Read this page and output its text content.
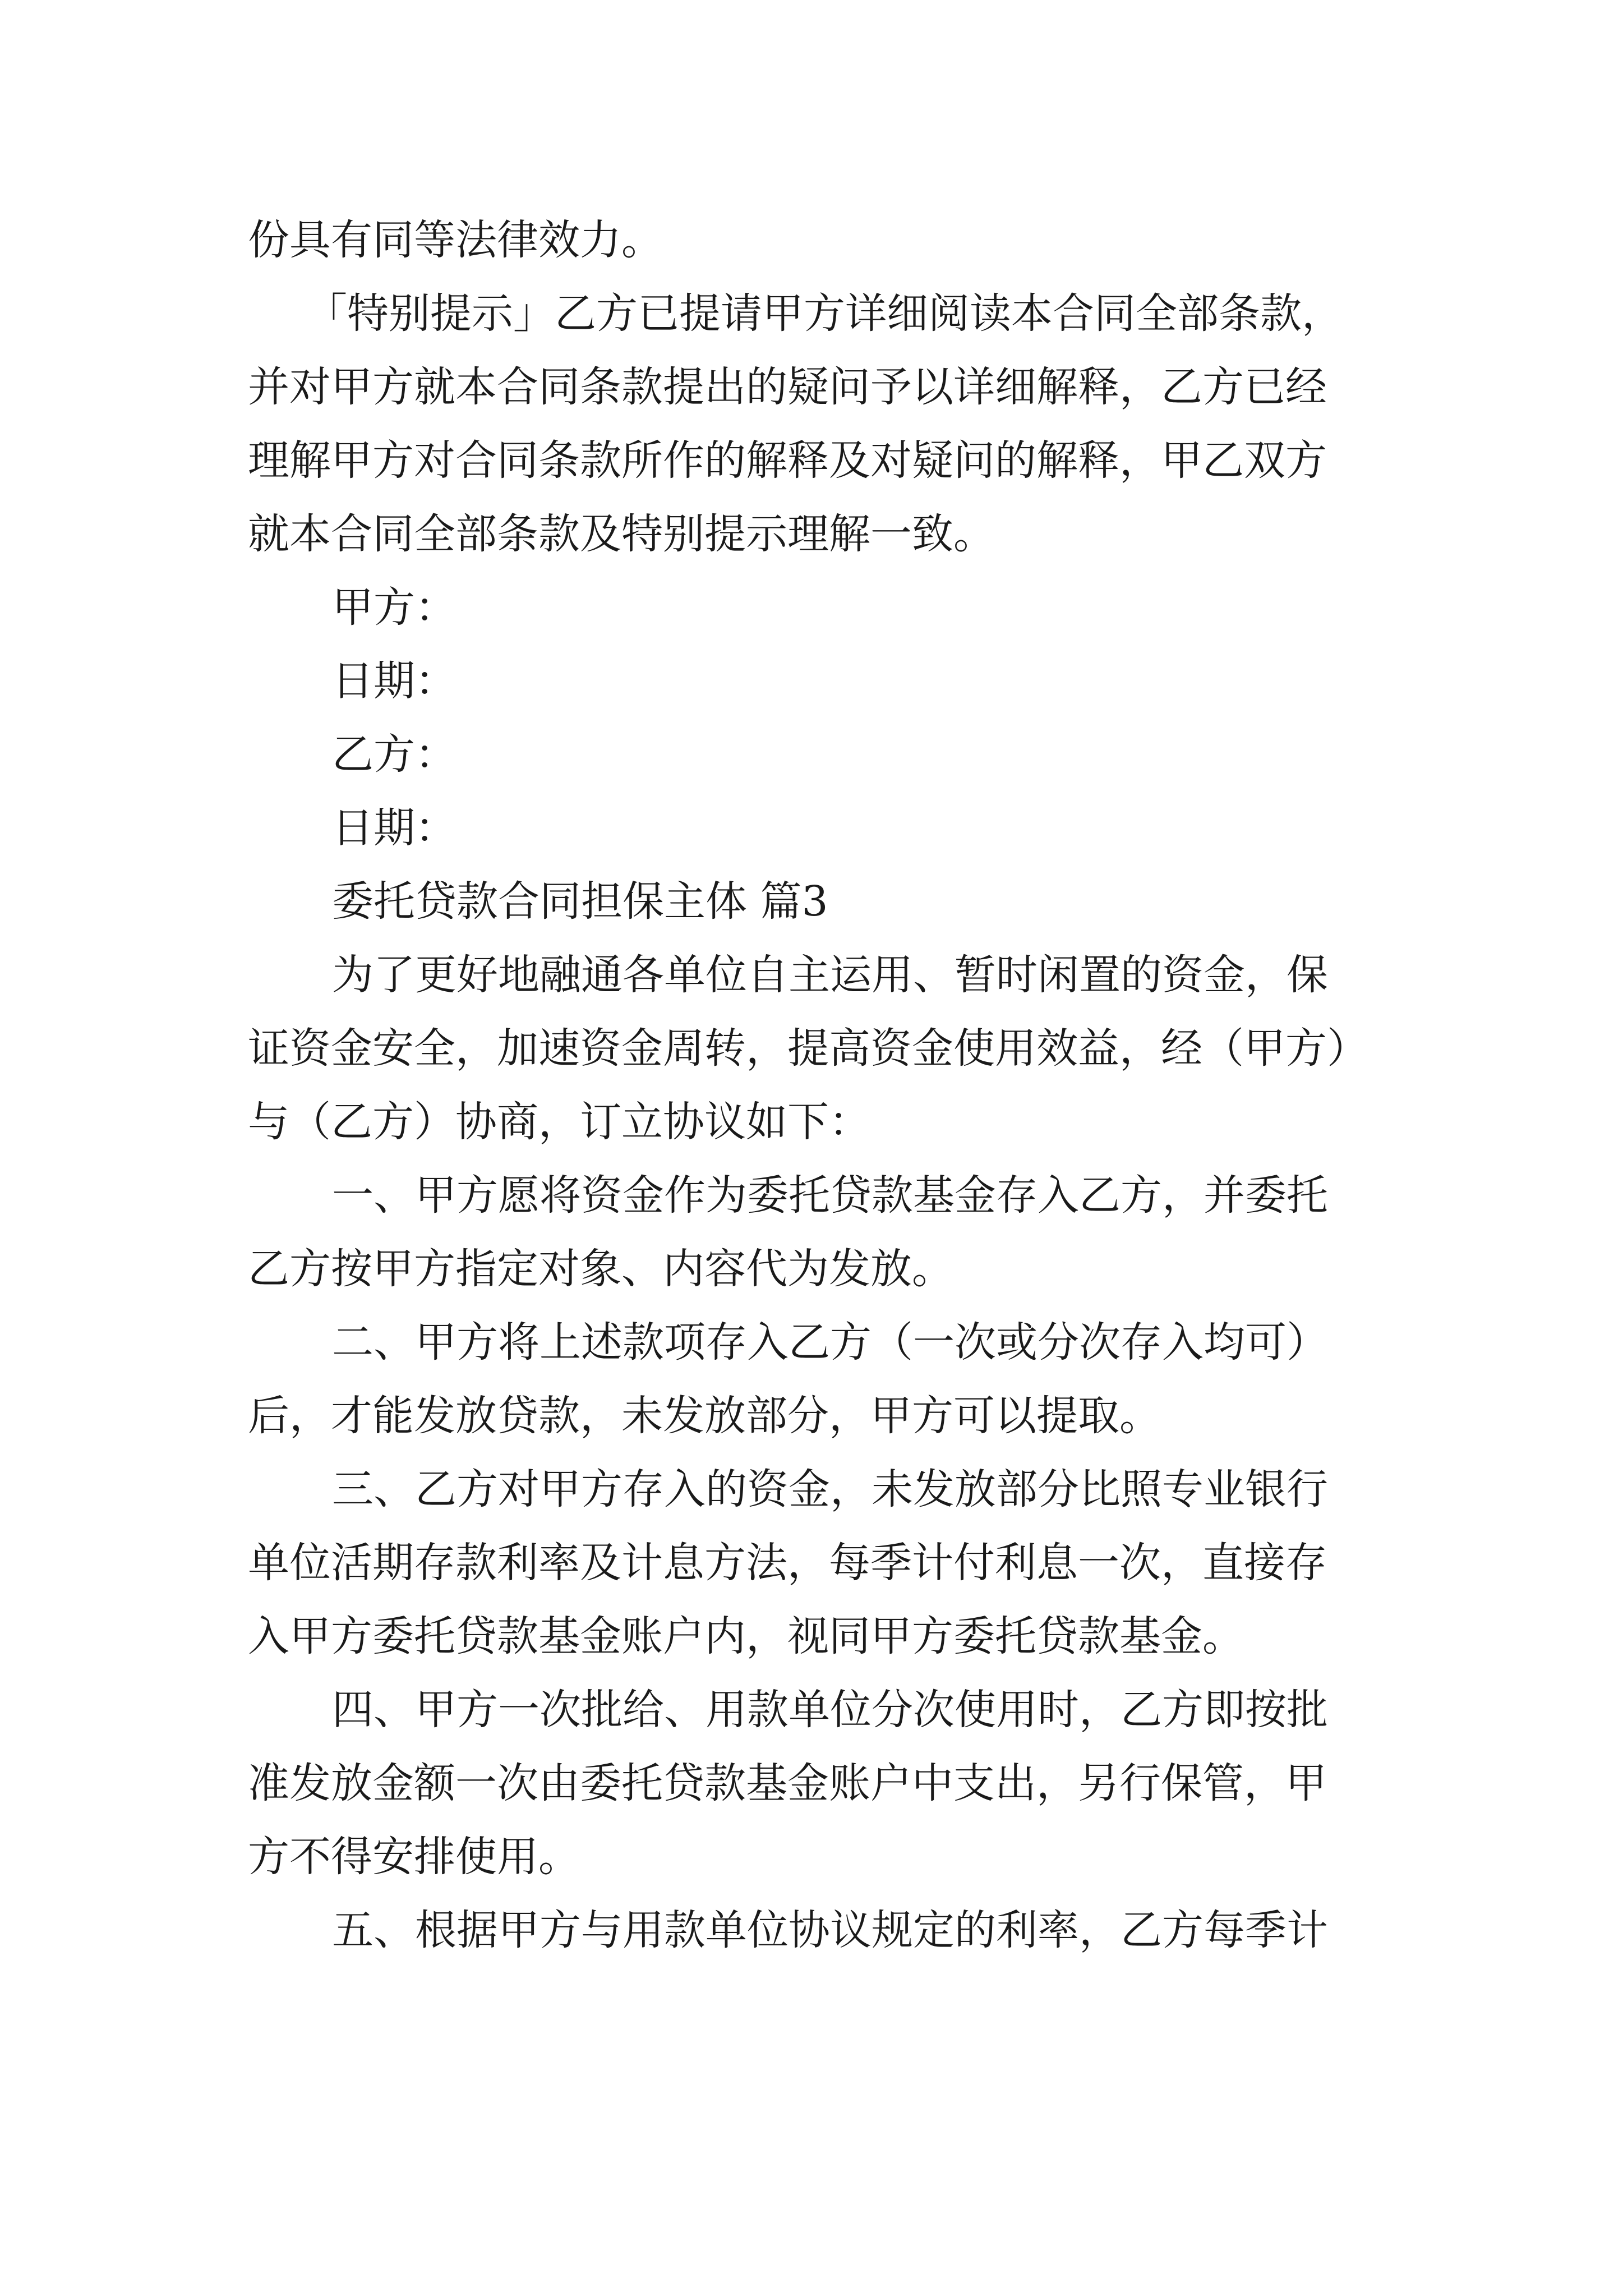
份具有同等法律效力。
「特别提示」乙方已提请甲方详细阅读本合同全部条款，
并对甲方就本合同条款提出的疑问予以详细解释，乙方已经
理解甲方对合同条款所作的解释及对疑问的解释，甲乙双方
就本合同全部条款及特别提示理解一致。
甲方：
日期：
乙方：
日期：
委托贷款合同担保主体 篇3
为了更好地融通各单位自主运用、暂时闲置的资金，保
证资金安全，加速资金周转，提高资金使用效益，经（甲方）
与（乙方）协商，订立协议如下：
一、甲方愿将资金作为委托贷款基金存入乙方，并委托
乙方按甲方指定对象、内容代为发放。
二、甲方将上述款项存入乙方（一次或分次存入均可）
后，才能发放贷款，未发放部分，甲方可以提取。
三、乙方对甲方存入的资金，未发放部分比照专业银行
单位活期存款利率及计息方法，每季计付利息一次，直接存
入甲方委托贷款基金账户内，视同甲方委托贷款基金。
四、甲方一次批给、用款单位分次使用时，乙方即按批
准发放金额一次由委托贷款基金账户中支出，另行保管，甲
方不得安排使用。
五、根据甲方与用款单位协议规定的利率，乙方每季计
